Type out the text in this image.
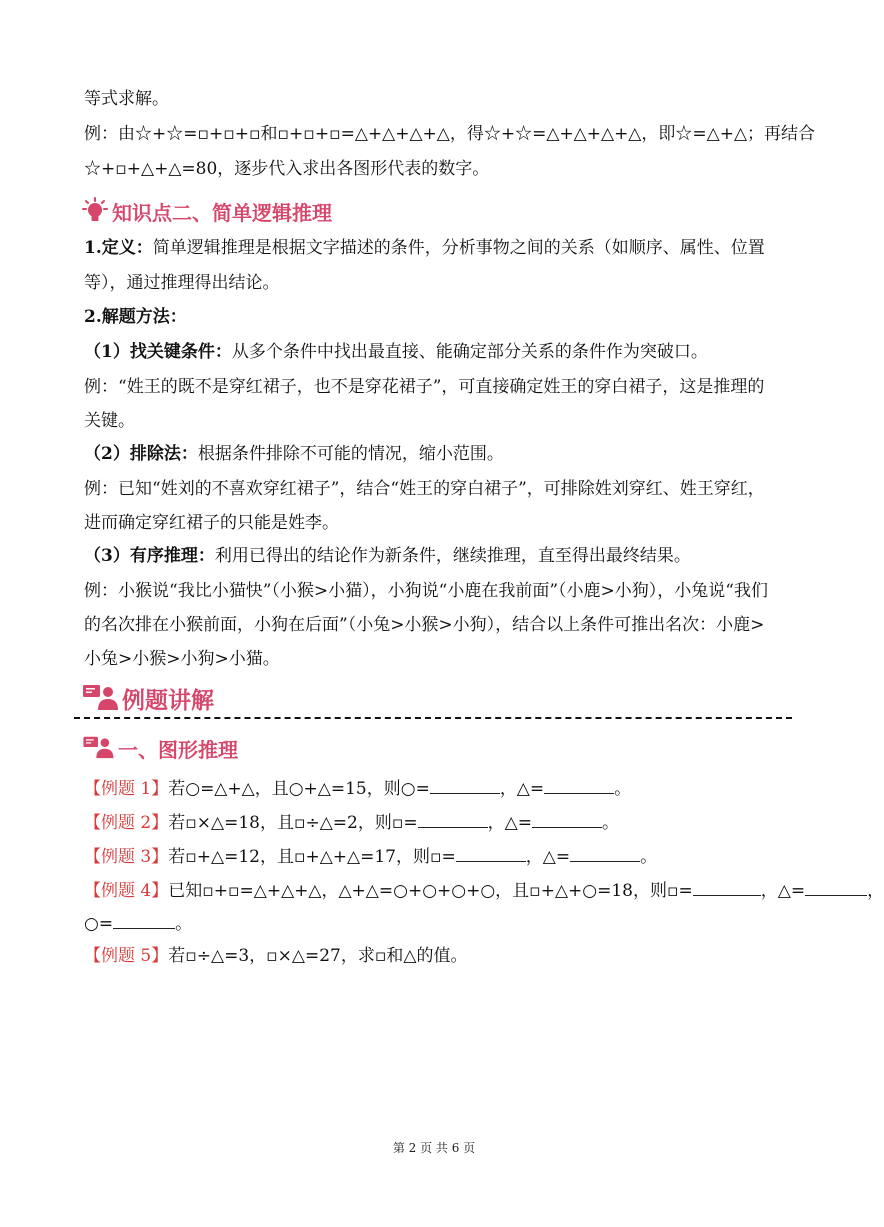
等式求解。
例：由☆+☆=▫+▫+▫和▫+▫+▫=△+△+△+△，得☆+☆=△+△+△+△，即☆=△+△；再结合
☆+▫+△+△=80，逐步代入求出各图形代表的数字。
知识点二、简单逻辑推理
1.定义：简单逻辑推理是根据文字描述的条件，分析事物之间的关系（如顺序、属性、位置
等），通过推理得出结论。
2.解题方法：
（1）找关键条件：从多个条件中找出最直接、能确定部分关系的条件作为突破口。
例：“姓王的既不是穿红裙子，也不是穿花裙子”，可直接确定姓王的穿白裙子，这是推理的
关键。
（2）排除法：根据条件排除不可能的情况，缩小范围。
例：已知“姓刘的不喜欢穿红裙子”，结合“姓王的穿白裙子”，可排除姓刘穿红、姓王穿红，
进而确定穿红裙子的只能是姓李。
（3）有序推理：利用已得出的结论作为新条件，继续推理，直至得出最终结果。
例：小猴说“我比小猫快”（小猴>小猫），小狗说“小鹿在我前面”（小鹿>小狗），小兔说“我们
的名次排在小猴前面，小狗在后面”（小兔>小猴>小狗），结合以上条件可推出名次：小鹿>
小兔>小猴>小狗>小猫。
例题讲解
一、图形推理
【例题 1】若○=△+△，且○+△=15，则○=	，△=	。
【例题 2】若▫×△=18，且▫÷△=2，则▫=	，△=	。
【例题 3】若▫+△=12，且▫+△+△=17，则▫=	，△=	。
【例题 4】已知▫+▫=△+△+△，△+△=○+○+○+○，且▫+△+○=18，则▫=	，△=	，
○=	。
【例题 5】若▫÷△=3，▫×△=27，求▫和△的值。
第 2 页 共 6 页
